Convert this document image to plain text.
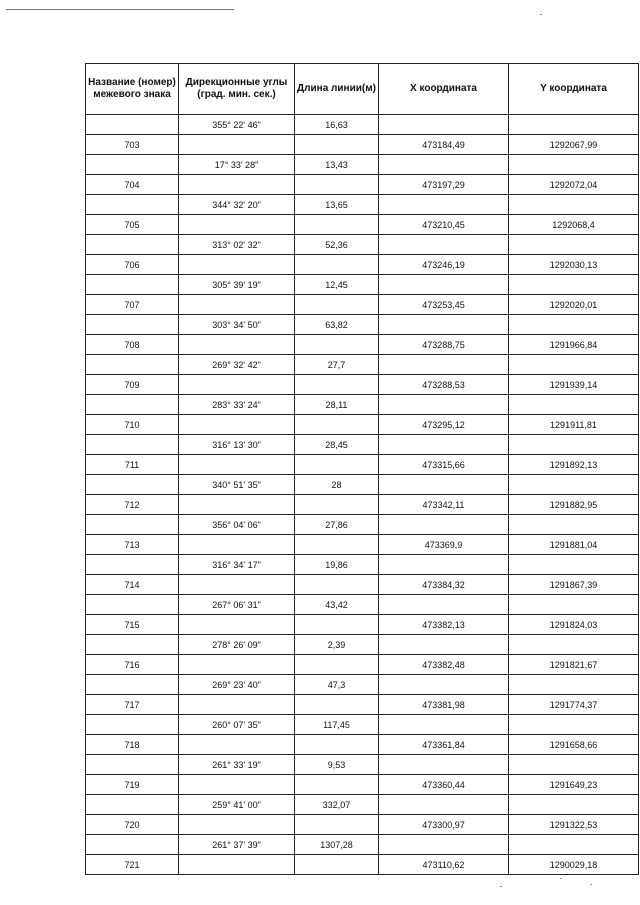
Название (номер) межевого знака	Дирекционные углы (град. мин. сек.)	Длина линии(м)	X координата	Y координата
	355° 22' 46"	16,63		
703			473184,49	1292067,99
	17° 33' 28"	13,43		
704			473197,29	1292072,04
	344° 32' 20"	13,65		
705			473210,45	1292068,4
	313° 02' 32"	52,36		
706			473246,19	1292030,13
	305° 39' 19"	12,45		
707			473253,45	1292020,01
	303° 34' 50"	63,82		
708			473288,75	1291966,84
	269° 32' 42"	27,7		
709			473288,53	1291939,14
	283° 33' 24"	28,11		
710			473295,12	1291911,81
	316° 13' 30"	28,45		
711			473315,66	1291892,13
	340° 51' 35"	28		
712			473342,11	1291882,95
	356° 04' 06"	27,86		
713			473369,9	1291881,04
	316° 34' 17"	19,86		
714			473384,32	1291867,39
	267° 06' 31"	43,42		
715			473382,13	1291824,03
	278° 26' 09"	2,39		
716			473382,48	1291821,67
	269° 23' 40"	47,3		
717			473381,98	1291774,37
	260° 07' 35"	117,45		
718			473361,84	1291658,66
	261° 33' 19"	9,53		
719			473360,44	1291649,23
	259° 41' 00"	332,07		
720			473300,97	1291322,53
	261° 37' 39"	1307,28		
721			473110,62	1290029,18
